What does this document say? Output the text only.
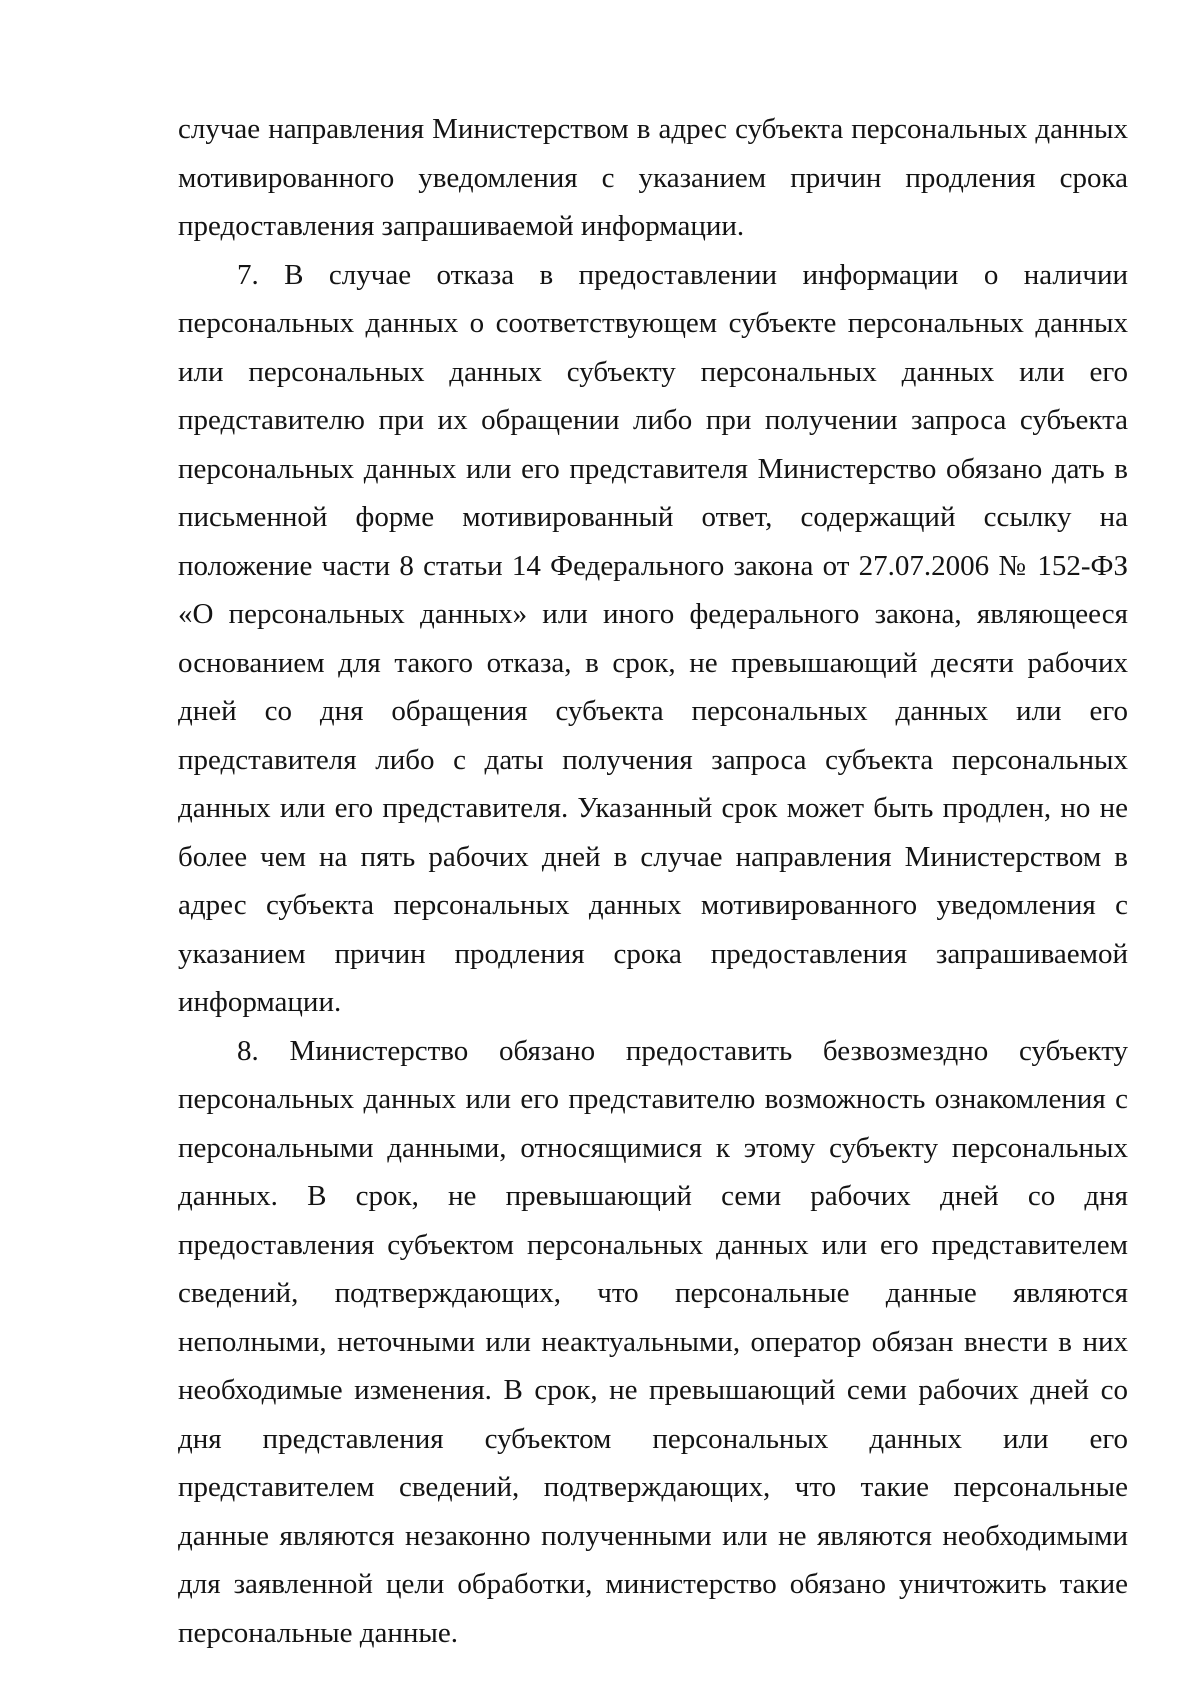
случае направления Министерством в адрес субъекта персональных данных мотивированного уведомления с указанием причин продления срока предоставления запрашиваемой информации.

7. В случае отказа в предоставлении информации о наличии персональных данных о соответствующем субъекте персональных данных или персональных данных субъекту персональных данных или его представителю при их обращении либо при получении запроса субъекта персональных данных или его представителя Министерство обязано дать в письменной форме мотивированный ответ, содержащий ссылку на положение части 8 статьи 14 Федерального закона от 27.07.2006 № 152-ФЗ «О персональных данных» или иного федерального закона, являющееся основанием для такого отказа, в срок, не превышающий десяти рабочих дней со дня обращения субъекта персональных данных или его представителя либо с даты получения запроса субъекта персональных данных или его представителя. Указанный срок может быть продлен, но не более чем на пять рабочих дней в случае направления Министерством в адрес субъекта персональных данных мотивированного уведомления с указанием причин продления срока предоставления запрашиваемой информации.

8. Министерство обязано предоставить безвозмездно субъекту персональных данных или его представителю возможность ознакомления с персональными данными, относящимися к этому субъекту персональных данных. В срок, не превышающий семи рабочих дней со дня предоставления субъектом персональных данных или его представителем сведений, подтверждающих, что персональные данные являются неполными, неточными или неактуальными, оператор обязан внести в них необходимые изменения. В срок, не превышающий семи рабочих дней со дня представления субъектом персональных данных или его представителем сведений, подтверждающих, что такие персональные данные являются незаконно полученными или не являются необходимыми для заявленной цели обработки, министерство обязано уничтожить такие персональные данные.
